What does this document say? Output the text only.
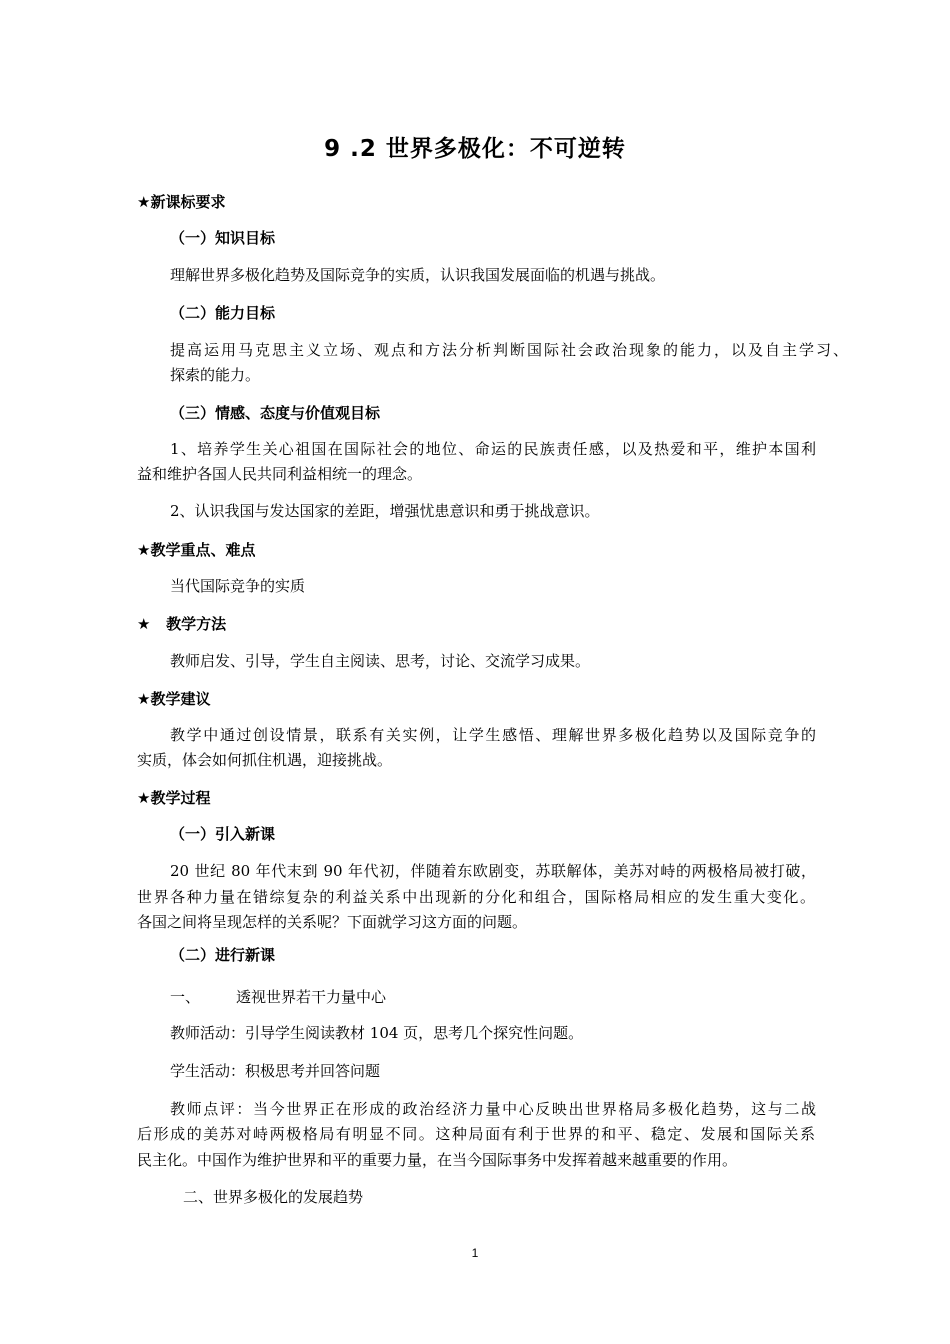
9 .2 世界多极化：不可逆转
★新课标要求
（一）知识目标
理解世界多极化趋势及国际竞争的实质，认识我国发展面临的机遇与挑战。
（二）能力目标
提高运用马克思主义立场、观点和方法分析判断国际社会政治现象的能力，以及自主学习、
探索的能力。
（三）情感、态度与价值观目标
1、培养学生关心祖国在国际社会的地位、命运的民族责任感，以及热爱和平，维护本国利
益和维护各国人民共同利益相统一的理念。
2、认识我国与发达国家的差距，增强忧患意识和勇于挑战意识。
★教学重点、难点
当代国际竞争的实质
★   教学方法
教师启发、引导，学生自主阅读、思考，讨论、交流学习成果。
★教学建议
教学中通过创设情景，联系有关实例，让学生感悟、理解世界多极化趋势以及国际竞争的
实质，体会如何抓住机遇，迎接挑战。
★教学过程
（一）引入新课
20 世纪 80 年代末到 90 年代初，伴随着东欧剧变，苏联解体，美苏对峙的两极格局被打破，
世界各种力量在错综复杂的利益关系中出现新的分化和组合，国际格局相应的发生重大变化。
各国之间将呈现怎样的关系呢？下面就学习这方面的问题。
（二）进行新课
一、 透视世界若干力量中心
教师活动：引导学生阅读教材 104 页，思考几个探究性问题。
学生活动：积极思考并回答问题
教师点评：当今世界正在形成的政治经济力量中心反映出世界格局多极化趋势，这与二战
后形成的美苏对峙两极格局有明显不同。这种局面有利于世界的和平、稳定、发展和国际关系
民主化。中国作为维护世界和平的重要力量，在当今国际事务中发挥着越来越重要的作用。
二、世界多极化的发展趋势
1
